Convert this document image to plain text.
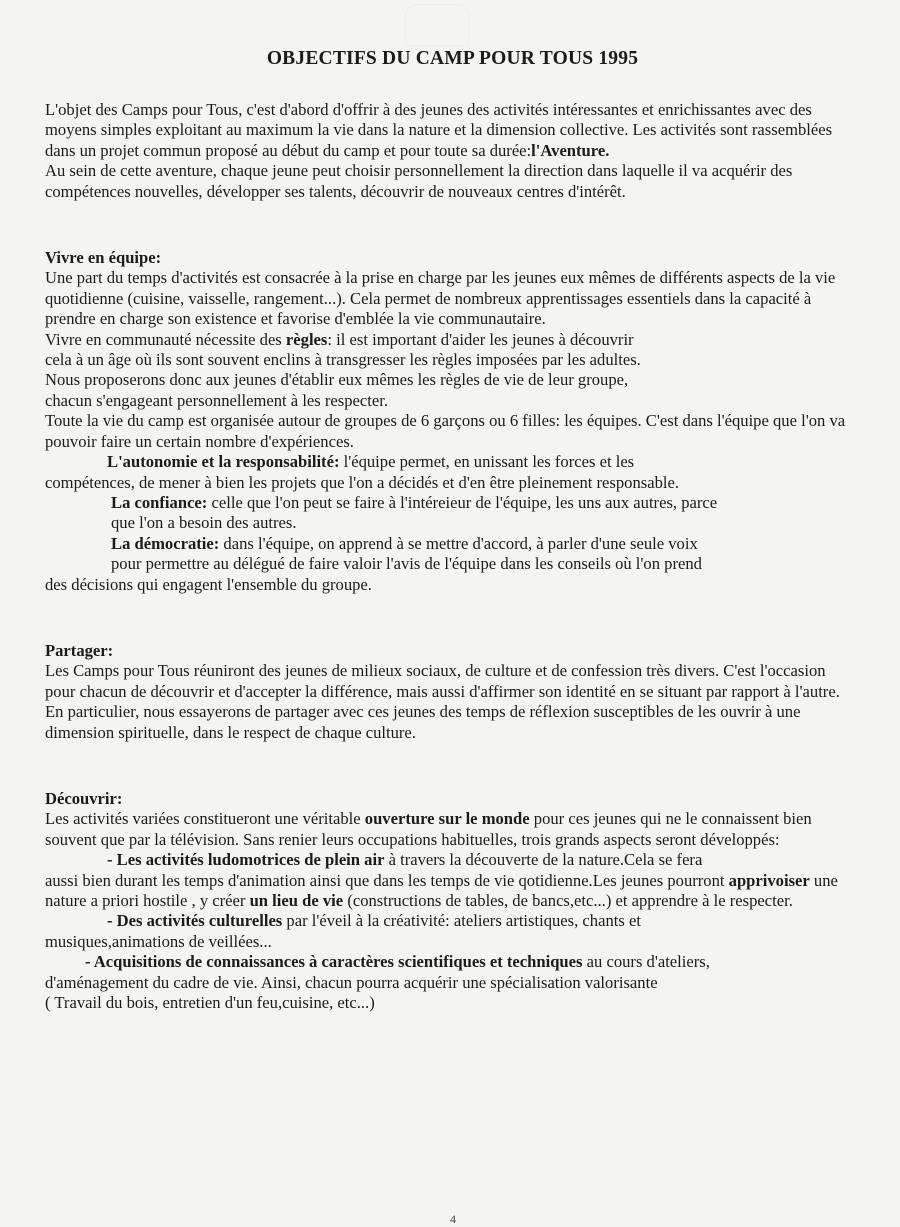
OBJECTIFS DU CAMP POUR TOUS 1995

L'objet des Camps pour Tous, c'est d'abord d'offrir à des jeunes des activités intéressantes et enrichissantes avec des moyens simples exploitant au maximum la vie dans la nature et la dimension collective. Les activités sont rassemblées dans un projet commun proposé au début du camp et pour toute sa durée:l'Aventure.

Au sein de cette aventure, chaque jeune peut choisir personnellement la direction dans laquelle il va acquérir des compétences nouvelles, développer ses talents, découvrir de nouveaux centres d'intérêt.

Vivre en équipe:

Une part du temps d'activités est consacrée à la prise en charge par les jeunes eux mêmes de différents aspects de la vie quotidienne (cuisine, vaisselle, rangement...). Cela permet de nombreux apprentissages essentiels dans la capacité à prendre en charge son existence et favorise d'emblée la vie communautaire.

Vivre en communauté nécessite des règles: il est important d'aider les jeunes à découvrir

cela à un âge où ils sont souvent enclins à transgresser les règles imposées par les adultes.

Nous proposerons donc aux jeunes d'établir eux mêmes les règles de vie de leur groupe,

chacun s'engageant personnellement à les respecter.

Toute la vie du camp est organisée autour de groupes de 6 garçons ou 6 filles: les équipes. C'est dans l'équipe que l'on va pouvoir faire un certain nombre d'expériences.

L'autonomie et la responsabilité: l'équipe permet, en unissant les forces et les

compétences, de mener à bien les projets que l'on a décidés et d'en être pleinement responsable.

La confiance: celle que l'on peut se faire à l'intéreieur de l'équipe, les uns aux autres, parce

que l'on a besoin des autres.

La démocratie: dans l'équipe, on apprend à se mettre d'accord, à parler d'une seule voix

pour permettre au délégué de faire valoir l'avis de l'équipe dans les conseils où l'on prend

des décisions qui engagent l'ensemble du groupe.

Partager:

Les Camps pour Tous réuniront des jeunes de milieux sociaux, de culture et de confession très divers. C'est l'occasion pour chacun de découvrir et d'accepter la différence, mais aussi d'affirmer son identité en se situant par rapport à l'autre.

En particulier, nous essayerons de partager avec ces jeunes des temps de réflexion susceptibles de les ouvrir à une dimension spirituelle, dans le respect de chaque culture.

Découvrir:

Les activités variées constitueront une véritable ouverture sur le monde pour ces jeunes qui ne le connaissent bien souvent que par la télévision. Sans renier leurs occupations habituelles, trois grands aspects seront développés:

- Les activités ludomotrices de plein air à travers la découverte de la nature.Cela se fera

aussi bien durant les temps d'animation ainsi que dans les temps de vie qotidienne.Les jeunes pourront apprivoiser une nature a priori hostile , y créer un lieu de vie (constructions de tables, de bancs,etc...) et apprendre à le respecter.

- Des activités culturelles par l'éveil à la créativité: ateliers artistiques, chants et

musiques,animations de veillées...

- Acquisitions de connaissances à caractères scientifiques et techniques au cours d'ateliers,

d'aménagement du cadre de vie. Ainsi, chacun pourra acquérir une spécialisation valorisante

( Travail du bois, entretien d'un feu,cuisine, etc...)

4
